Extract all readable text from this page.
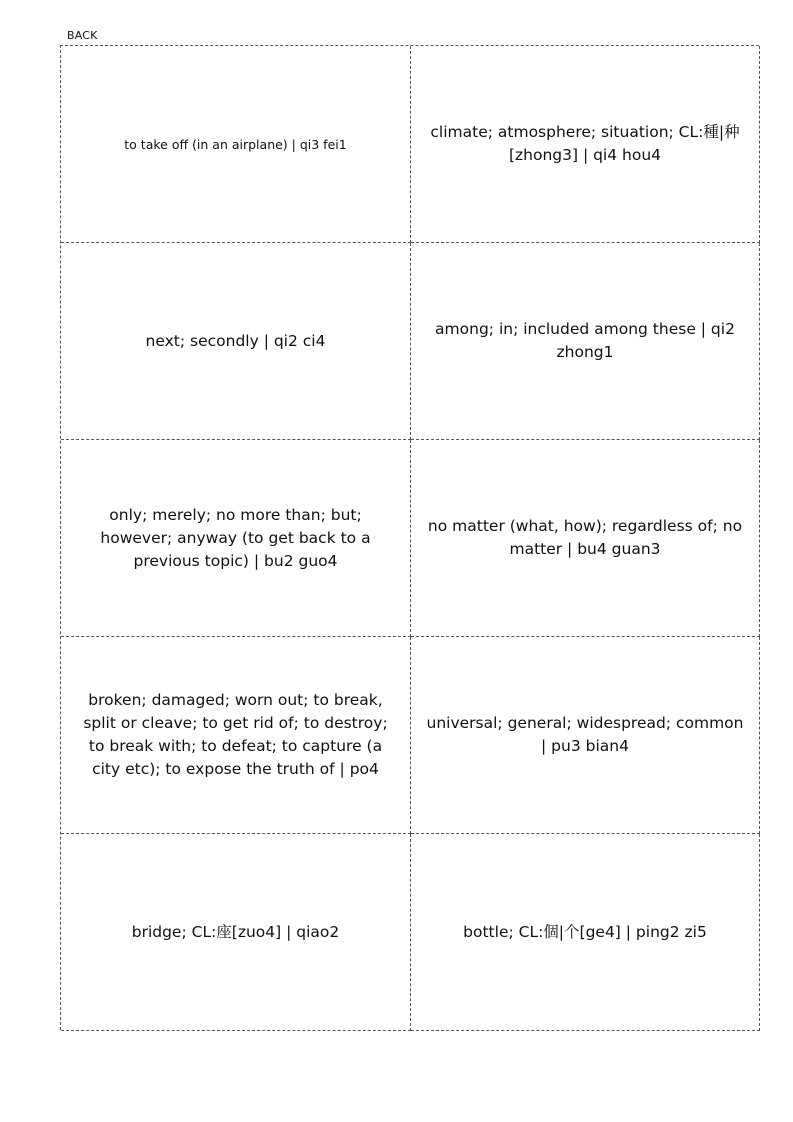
BACK
to take off (in an airplane) | qi3 fei1
climate; atmosphere; situation; CL:種|种[zhong3] | qi4 hou4
next; secondly | qi2 ci4
among; in; included among these | qi2 zhong1
only; merely; no more than; but; however; anyway (to get back to a previous topic) | bu2 guo4
no matter (what, how); regardless of; no matter | bu4 guan3
broken; damaged; worn out; to break, split or cleave; to get rid of; to destroy; to break with; to defeat; to capture (a city etc); to expose the truth of | po4
universal; general; widespread; common | pu3 bian4
bridge; CL:座[zuo4] | qiao2	bottle; CL:個|个[ge4] | ping2 zi5
